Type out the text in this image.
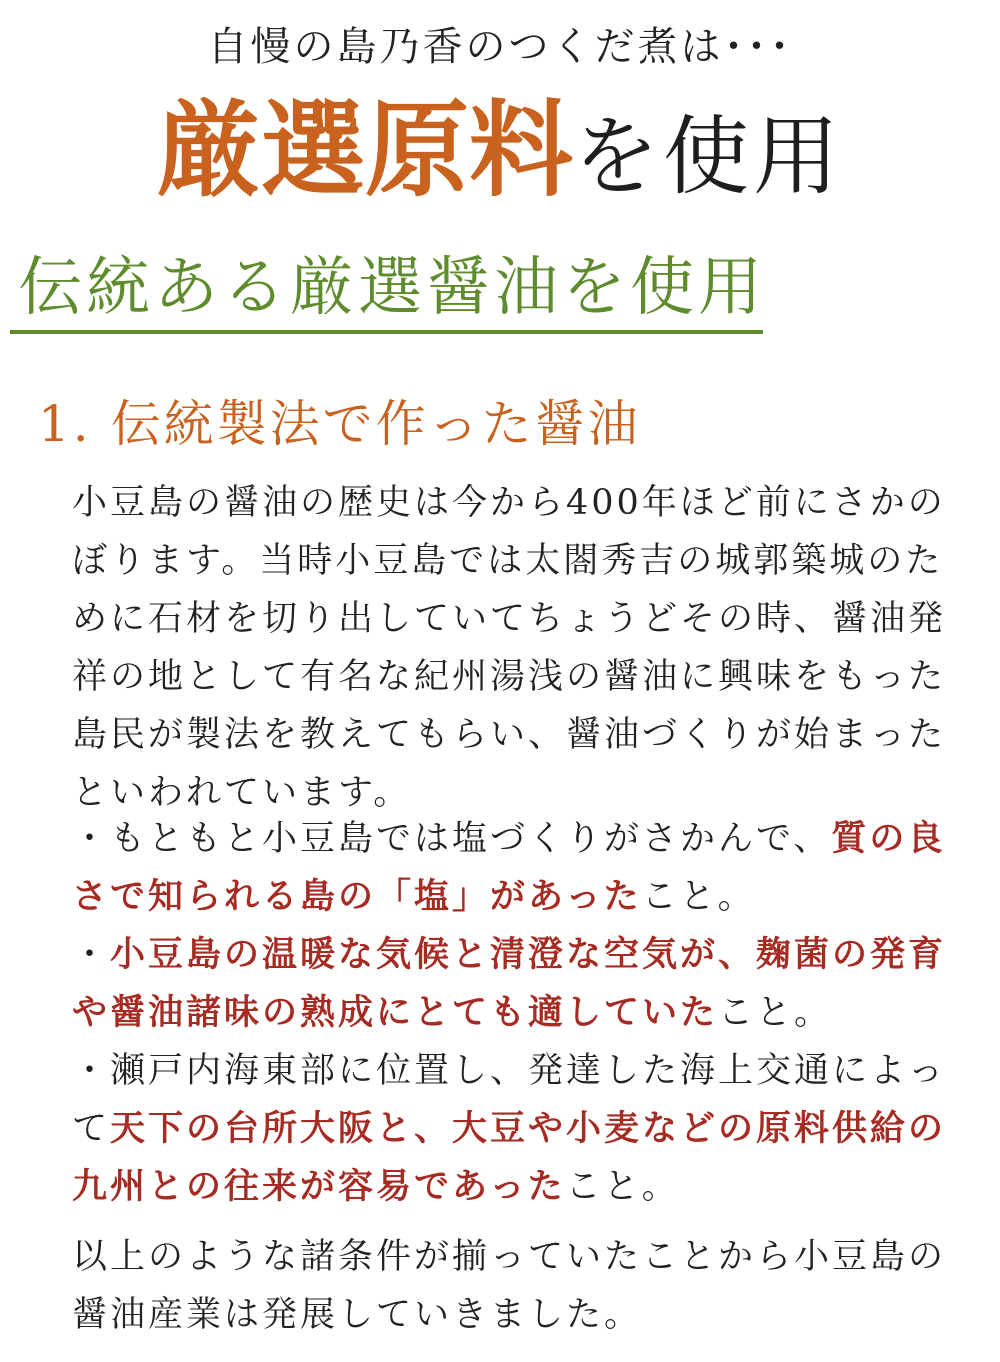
自慢の島乃香のつくだ煮は･･･
厳選原料を使用
伝統ある厳選醤油を使用
1. 伝統製法で作った醤油
小豆島の醤油の歴史は今から400年ほど前にさかのぼります。当時小豆島では太閤秀吉の城郭築城のために石材を切り出していてちょうどその時、醤油発祥の地として有名な紀州湯浅の醤油に興味をもった島民が製法を教えてもらい、醤油づくりが始まったといわれています。
・もともと小豆島では塩づくりがさかんで、質の良さで知られる島の「塩」があったこと。
・小豆島の温暖な気候と清澄な空気が、麹菌の発育や醤油諸味の熟成にとても適していたこと。
・瀬戸内海東部に位置し、発達した海上交通によって天下の台所大阪と、大豆や小麦などの原料供給の九州との往来が容易であったこと。
以上のような諸条件が揃っていたことから小豆島の醤油産業は発展していきました。
